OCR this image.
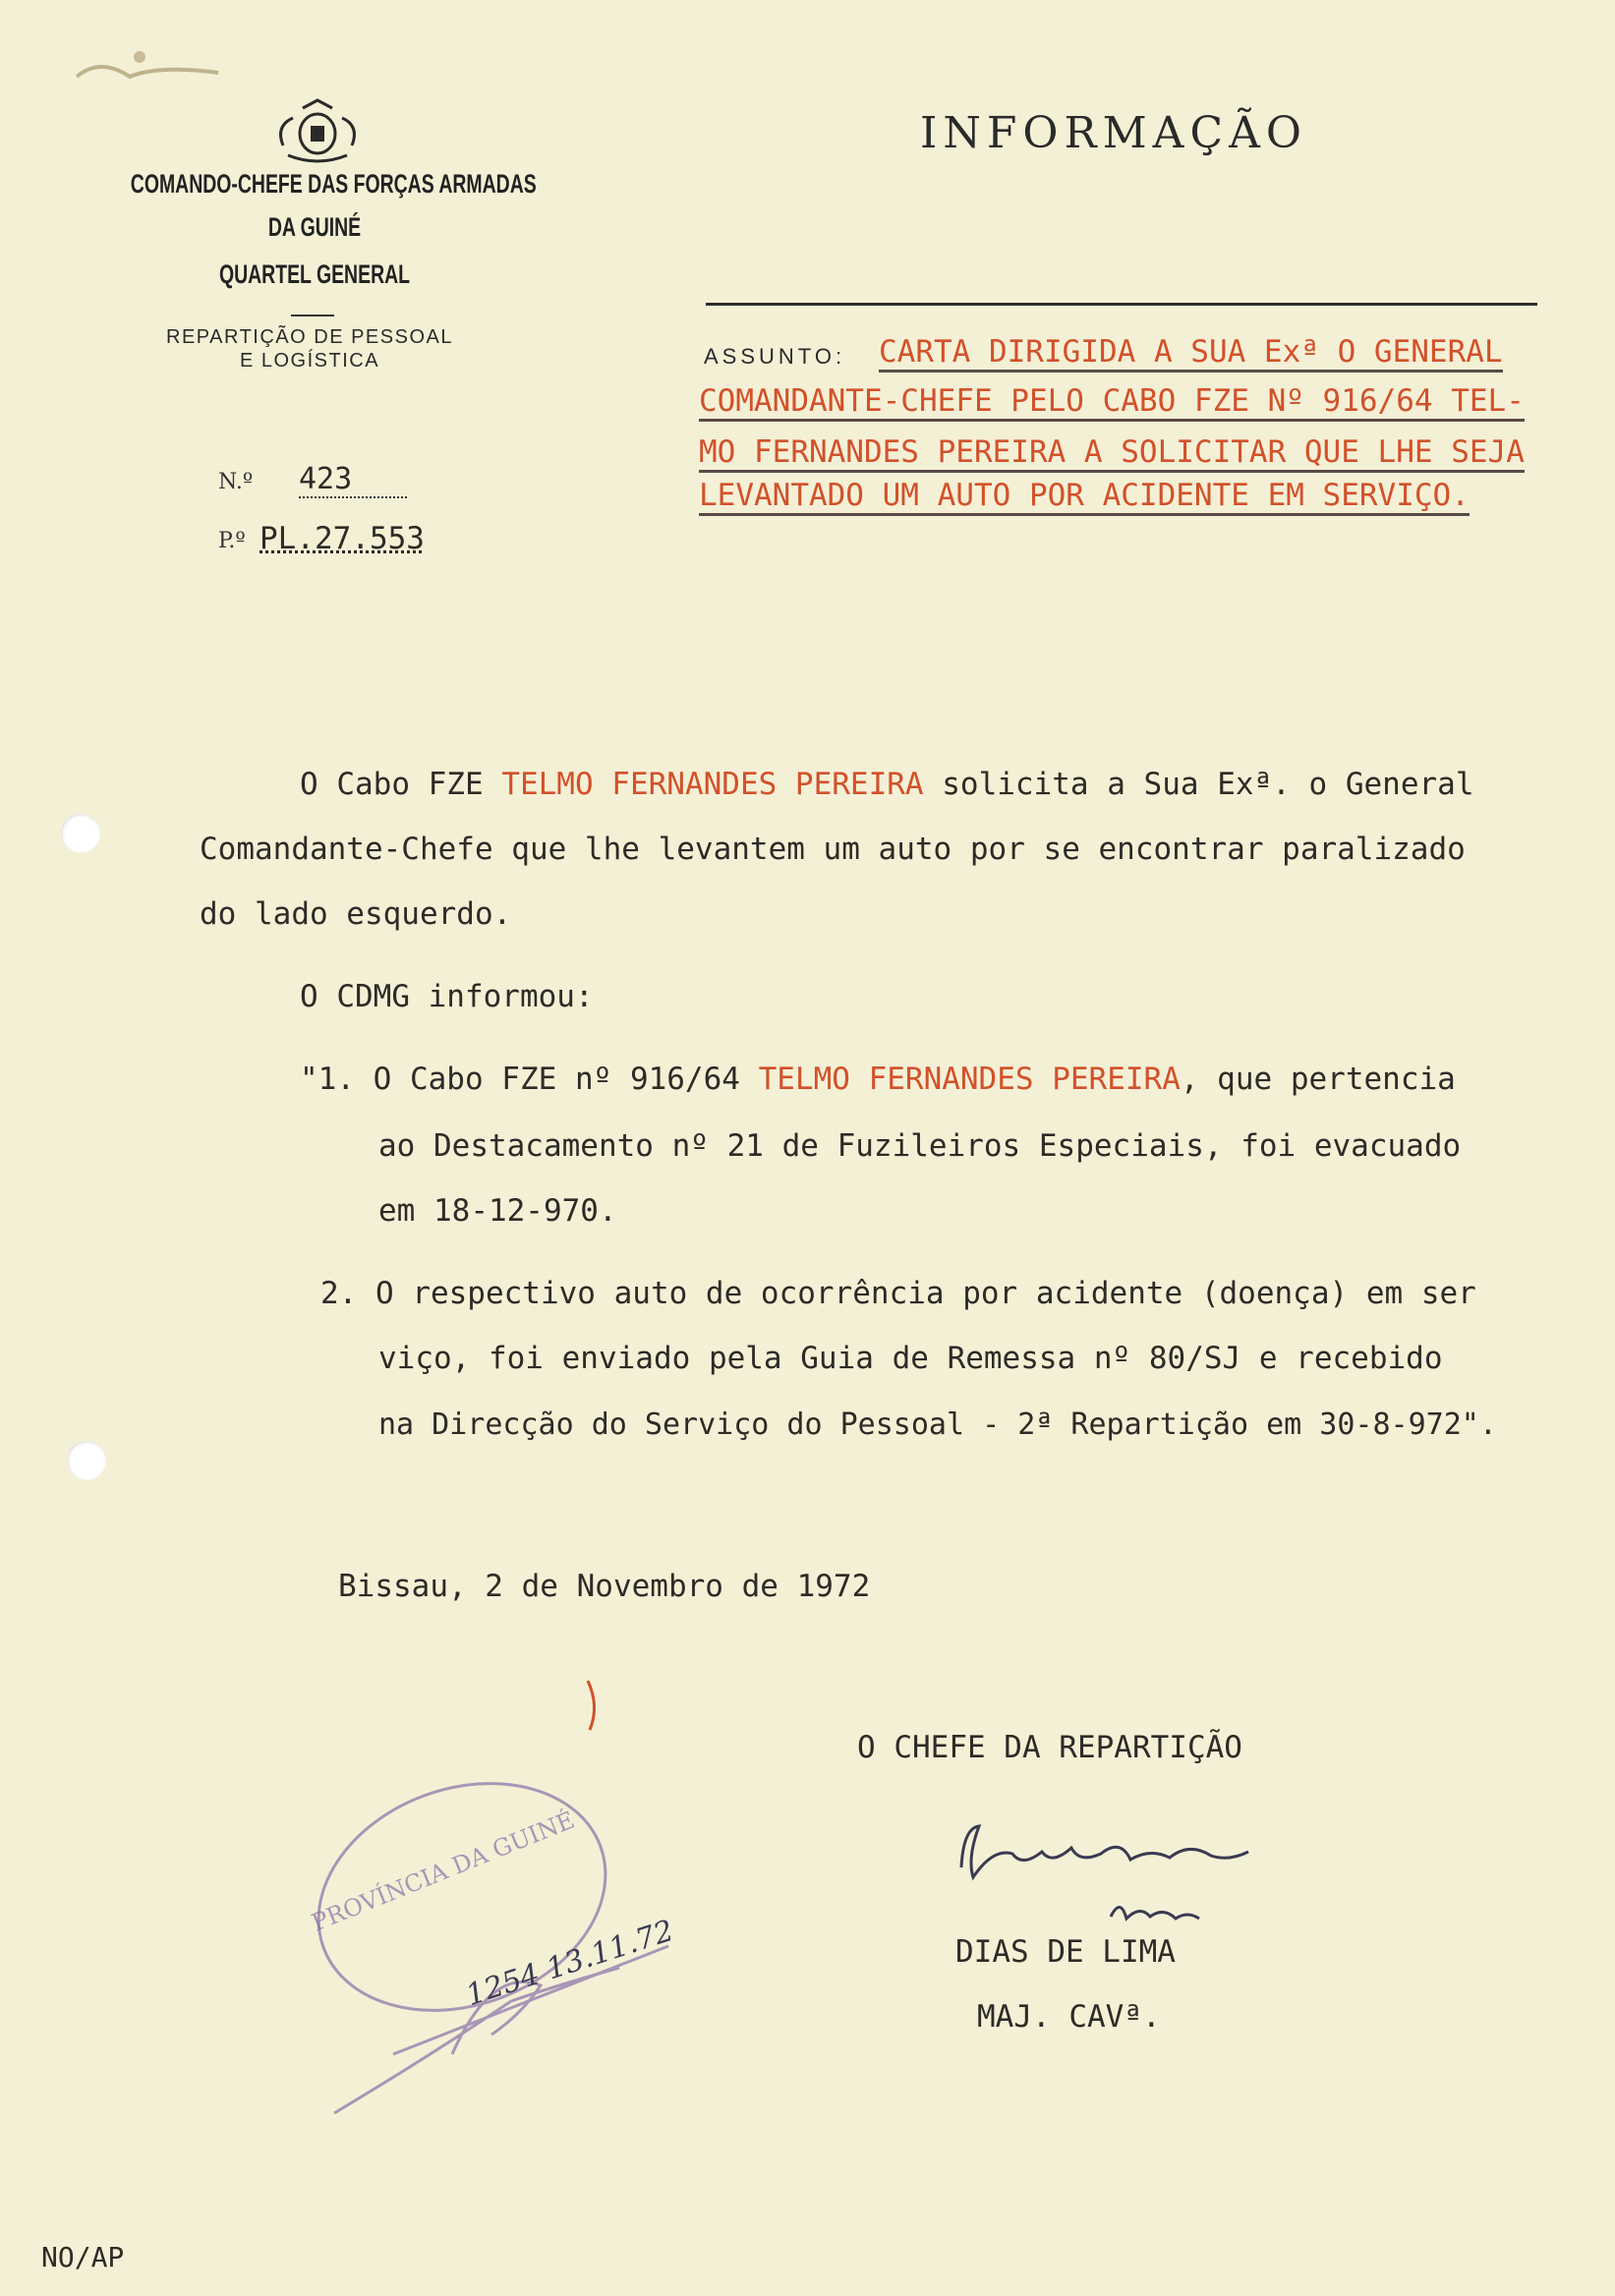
COMANDO-CHEFE DAS FORÇAS ARMADAS
DA GUINÉ
QUARTEL GENERAL
REPARTIÇÃO DE PESSOAL
E LOGÍSTICA
N.º 423
P.º PL.27.553
INFORMAÇÃO
ASSUNTO: CARTA DIRIGIDA A SUA Exª O GENERAL
COMANDANTE-CHEFE PELO CABO FZE Nº 916/64 TEL-
MO FERNANDES PEREIRA A SOLICITAR QUE LHE SEJA
LEVANTADO UM AUTO POR ACIDENTE EM SERVIÇO.
O Cabo FZE TELMO FERNANDES PEREIRA solicita a Sua Exª. o General
Comandante-Chefe que lhe levantem um auto por se encontrar paralizado
do lado esquerdo.
O CDMG informou:
"1. O Cabo FZE nº 916/64 TELMO FERNANDES PEREIRA, que pertencia
ao Destacamento nº 21 de Fuzileiros Especiais, foi evacuado
em 18-12-970.
2. O respectivo auto de ocorrência por acidente (doença) em ser
viço, foi enviado pela Guia de Remessa nº 80/SJ e recebido
na Direcção do Serviço do Pessoal - 2ª Repartição em 30-8-972".
Bissau, 2 de Novembro de 1972
O CHEFE DA REPARTIÇÃO
DIAS DE LIMA
MAJ. CAVª.
PROVÍNCIA DA GUINÉ
1254 13.11.72
NO/AP
